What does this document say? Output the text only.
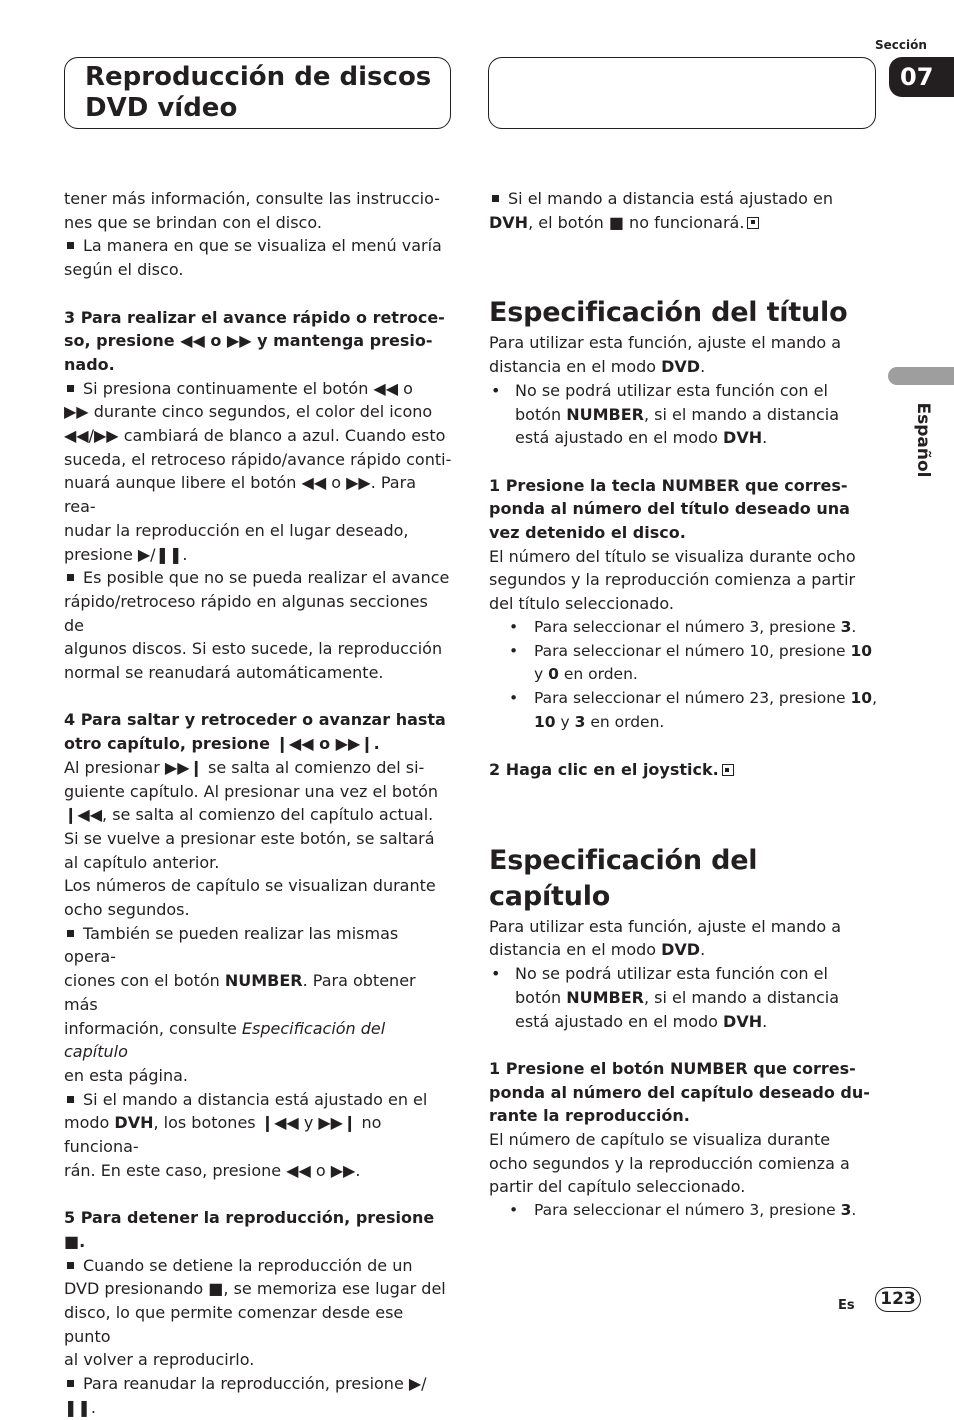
Reproducción de discos
DVD vídeo
Sección
07
Español

tener más información, consulte las instruccio-
nes que se brindan con el disco.

La manera en que se visualiza el menú varía
según el disco.

3 Para realizar el avance rápido o retroce-
so, presione ◀◀ o ▶▶ y mantenga presio-
nado.

Si presiona continuamente el botón ◀◀ o
▶▶ durante cinco segundos, el color del icono
◀◀/▶▶ cambiará de blanco a azul. Cuando esto
suceda, el retroceso rápido/avance rápido conti-
nuará aunque libere el botón ◀◀ o ▶▶. Para rea-
nudar la reproducción en el lugar deseado,
presione ▶/❚❚.

Es posible que no se pueda realizar el avance
rápido/retroceso rápido en algunas secciones de
algunos discos. Si esto sucede, la reproducción
normal se reanudará automáticamente.

4 Para saltar y retroceder o avanzar hasta
otro capítulo, presione ❙◀◀ o ▶▶❙.

Al presionar ▶▶❙ se salta al comienzo del si-
guiente capítulo. Al presionar una vez el botón
❙◀◀, se salta al comienzo del capítulo actual.
Si se vuelve a presionar este botón, se saltará
al capítulo anterior.
Los números de capítulo se visualizan durante
ocho segundos.

También se pueden realizar las mismas opera-
ciones con el botón NUMBER. Para obtener más
información, consulte Especificación del capítulo
en esta página.

Si el mando a distancia está ajustado en el
modo DVH, los botones ❙◀◀ y ▶▶❙ no funciona-
rán. En este caso, presione ◀◀ o ▶▶.

5 Para detener la reproducción, presione
■.

Cuando se detiene la reproducción de un
DVD presionando ■, se memoriza ese lugar del
disco, lo que permite comenzar desde ese punto
al volver a reproducirlo.

Para reanudar la reproducción, presione ▶/❚❚.

Si el mando a distancia está ajustado en
DVH, el botón ■ no funcionará.

Especificación del título

Para utilizar esta función, ajuste el mando a
distancia en el modo DVD.

• No se podrá utilizar esta función con el
botón NUMBER, si el mando a distancia
está ajustado en el modo DVH.

1 Presione la tecla NUMBER que corres-
ponda al número del título deseado una
vez detenido el disco.

El número del título se visualiza durante ocho
segundos y la reproducción comienza a partir
del título seleccionado.

• Para seleccionar el número 3, presione 3.

• Para seleccionar el número 10, presione 10
y 0 en orden.

• Para seleccionar el número 23, presione 10,
10 y 3 en orden.

2 Haga clic en el joystick.

Especificación del capítulo

Para utilizar esta función, ajuste el mando a
distancia en el modo DVD.

• No se podrá utilizar esta función con el
botón NUMBER, si el mando a distancia
está ajustado en el modo DVH.

1 Presione el botón NUMBER que corres-
ponda al número del capítulo deseado du-
rante la reproducción.

El número de capítulo se visualiza durante
ocho segundos y la reproducción comienza a
partir del capítulo seleccionado.

• Para seleccionar el número 3, presione 3.

Es	123
